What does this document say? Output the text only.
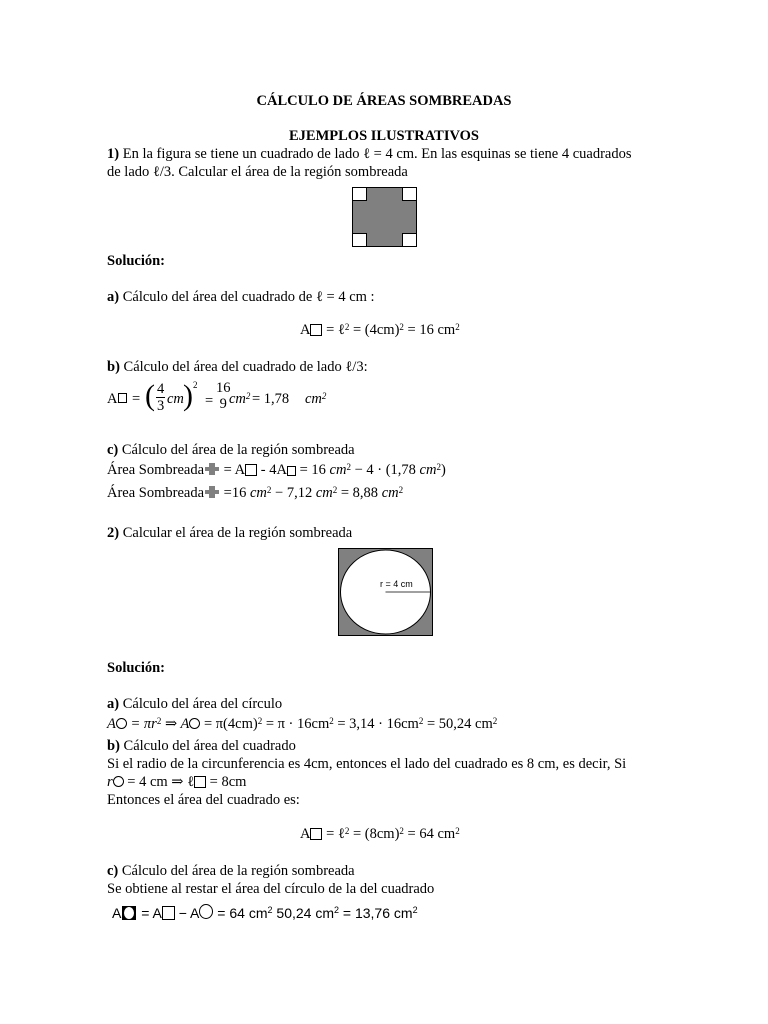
CÁLCULO DE ÁREAS SOMBREADAS
EJEMPLOS ILUSTRATIVOS
1) En la figura se tiene un cuadrado de lado ℓ = 4 cm. En las esquinas se tiene 4 cuadrados
de lado ℓ/3. Calcular el área de la región sombreada
Solución:
a) Cálculo del área del cuadrado de ℓ = 4 cm :
A = ℓ$^2$ = $(4cm)^2 = 16$ $cm^2$
b) Cálculo del área del cuadrado de lado ℓ/3:
A = ( $\frac{4}{3}$ cm ) 2
=
16
9 $cm^2 = 1,78$ $cm^2$
c) Cálculo del área de la región sombreada
Área Sombreada = A - 4A = 16 $cm^2 - 4 \cdot (1,78$ $cm^2$)
Área Sombreada =16 $cm^2 - 7,12$ $cm^2 = 8,88$ $cm^2$
2) Calcular el área de la región sombreada
r = 4 cm
Solución:
a) Cálculo del área del círculo
$A = \pi r^2$ ⇒ $A = \pi(4cm)^2 = \pi \cdot 16cm^2 = 3,14 \cdot 16cm^2 = 50,24$ $cm^2$
b) Cálculo del área del cuadrado
Si el radio de la circunferencia es 4cm, entonces el lado del cuadrado es 8 cm, es decir, Si
r = 4 cm ⇒ ℓ = 8cm
Entonces el área del cuadrado es:
A = ℓ$^2$ = $(8cm)^2 = 64$ $cm^2$
c) Cálculo del área de la región sombreada
Se obtiene al restar el área del círculo de la del cuadrado
A = A − A = 64 $cm^2$ 50,24 $cm^2 = 13,76$ $cm^2$
